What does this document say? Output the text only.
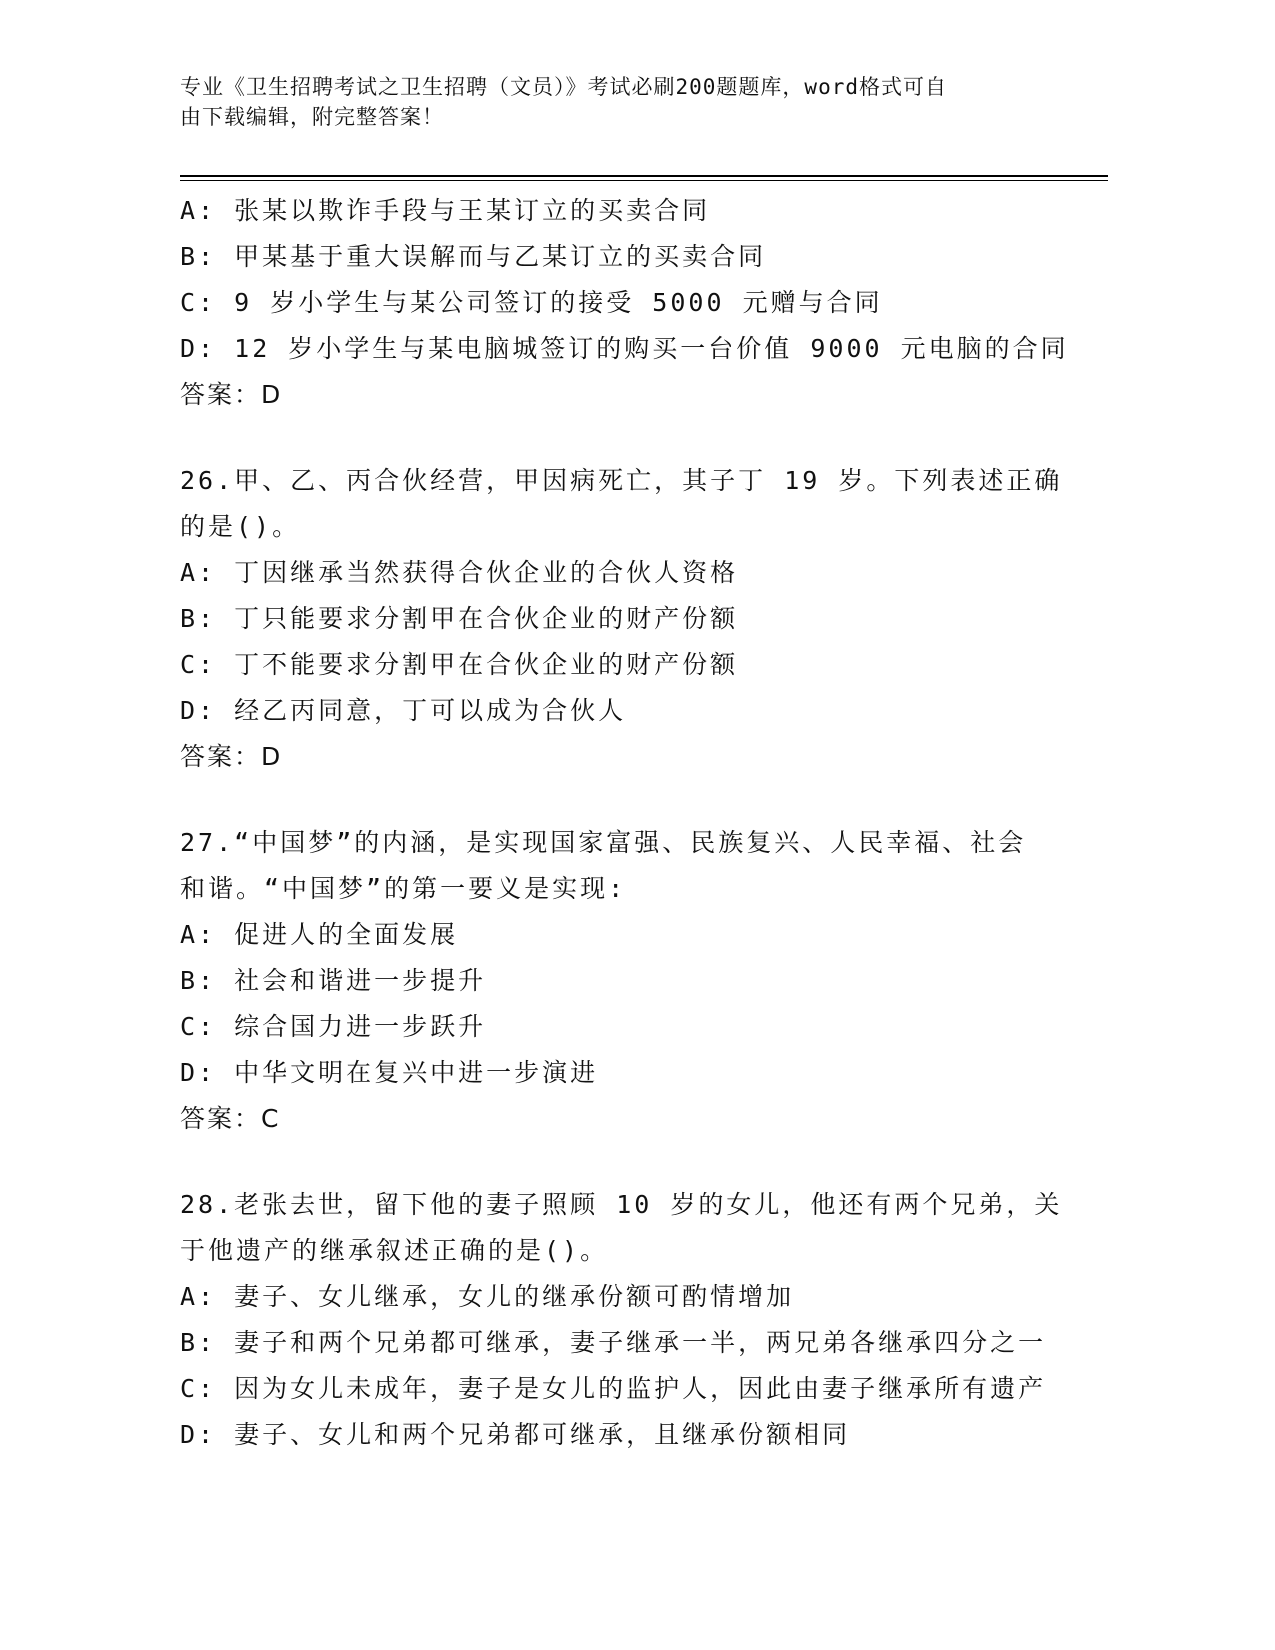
专业《卫生招聘考试之卫生招聘（文员）》考试必刷200题题库，word格式可自
由下载编辑，附完整答案！
A: 张某以欺诈手段与王某订立的买卖合同
B: 甲某基于重大误解而与乙某订立的买卖合同
C: 9 岁小学生与某公司签订的接受 5000 元赠与合同
D: 12 岁小学生与某电脑城签订的购买一台价值 9000 元电脑的合同
答案：D
26.甲、乙、丙合伙经营，甲因病死亡，其子丁 19 岁。下列表述正确
的是()。
A: 丁因继承当然获得合伙企业的合伙人资格
B: 丁只能要求分割甲在合伙企业的财产份额
C: 丁不能要求分割甲在合伙企业的财产份额
D: 经乙丙同意，丁可以成为合伙人
答案：D
27.“中国梦”的内涵，是实现国家富强、民族复兴、人民幸福、社会
和谐。“中国梦”的第一要义是实现:
A: 促进人的全面发展
B: 社会和谐进一步提升
C: 综合国力进一步跃升
D: 中华文明在复兴中进一步演进
答案：C
28.老张去世，留下他的妻子照顾 10 岁的女儿，他还有两个兄弟，关
于他遗产的继承叙述正确的是()。
A: 妻子、女儿继承，女儿的继承份额可酌情增加
B: 妻子和两个兄弟都可继承，妻子继承一半，两兄弟各继承四分之一
C: 因为女儿未成年，妻子是女儿的监护人，因此由妻子继承所有遗产
D: 妻子、女儿和两个兄弟都可继承，且继承份额相同
